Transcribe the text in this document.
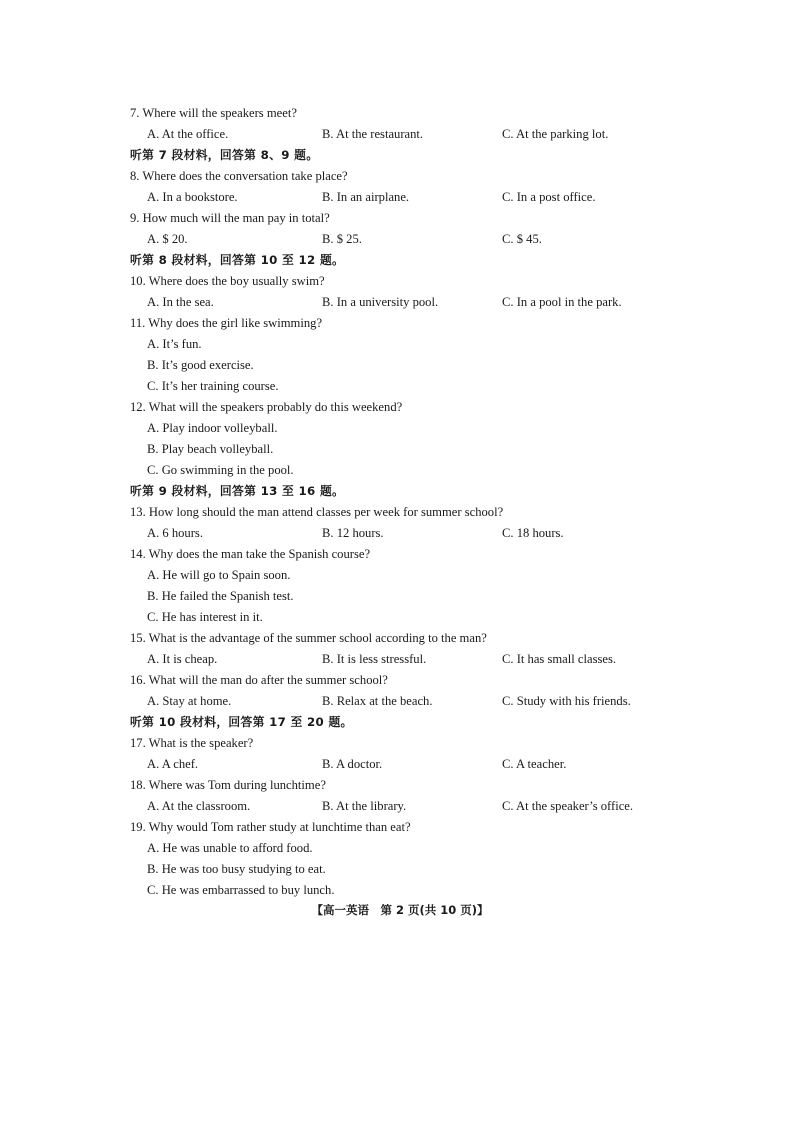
7. Where will the speakers meet?
A. At the office.	B. At the restaurant.	C. At the parking lot.
听第 7 段材料，回答第 8、9 题。
8. Where does the conversation take place?
A. In a bookstore.	B. In an airplane.	C. In a post office.
9. How much will the man pay in total?
A. $ 20.	B. $ 25.	C. $ 45.
听第 8 段材料，回答第 10 至 12 题。
10. Where does the boy usually swim?
A. In the sea.	B. In a university pool.	C. In a pool in the park.
11. Why does the girl like swimming?
A. It’s fun.
B. It’s good exercise.
C. It’s her training course.
12. What will the speakers probably do this weekend?
A. Play indoor volleyball.
B. Play beach volleyball.
C. Go swimming in the pool.
听第 9 段材料，回答第 13 至 16 题。
13. How long should the man attend classes per week for summer school?
A. 6 hours.	B. 12 hours.	C. 18 hours.
14. Why does the man take the Spanish course?
A. He will go to Spain soon.
B. He failed the Spanish test.
C. He has interest in it.
15. What is the advantage of the summer school according to the man?
A. It is cheap.	B. It is less stressful.	C. It has small classes.
16. What will the man do after the summer school?
A. Stay at home.	B. Relax at the beach.	C. Study with his friends.
听第 10 段材料，回答第 17 至 20 题。
17. What is the speaker?
A. A chef.	B. A doctor.	C. A teacher.
18. Where was Tom during lunchtime?
A. At the classroom.	B. At the library.	C. At the speaker’s office.
19. Why would Tom rather study at lunchtime than eat?
A. He was unable to afford food.
B. He was too busy studying to eat.
C. He was embarrassed to buy lunch.
【高一英语　第 2 页(共 10 页)】
